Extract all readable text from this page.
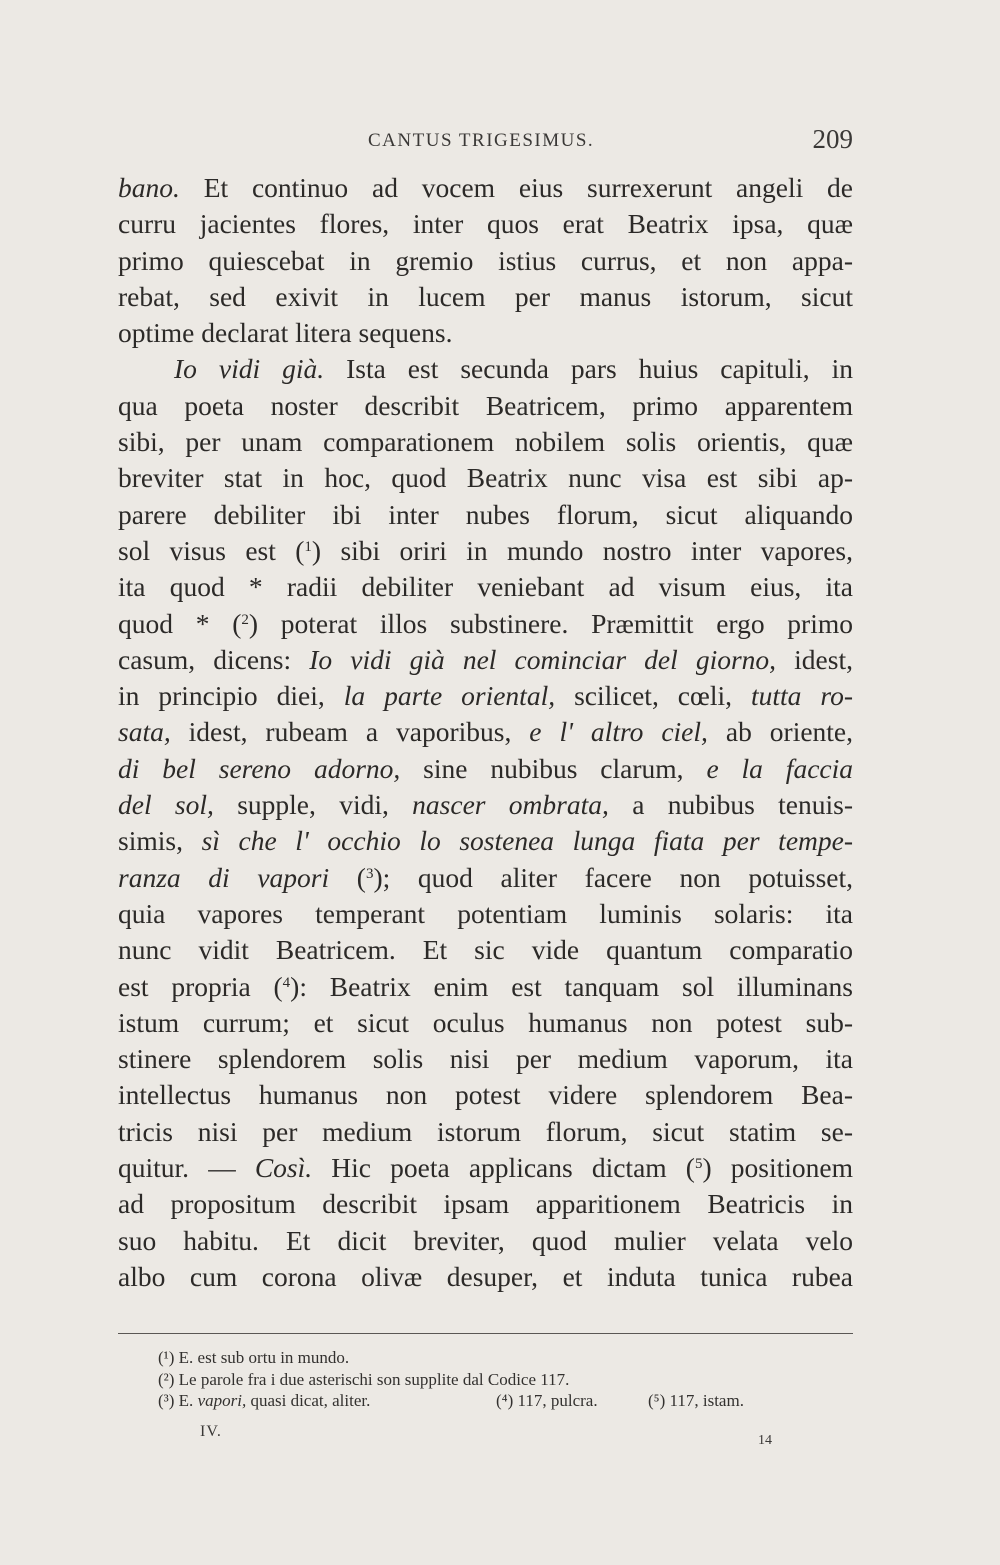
CANTUS TRIGESIMUS.	209
bano. Et continuo ad vocem eius surrexerunt angeli de
curru jacientes flores, inter quos erat Beatrix ipsa, quæ
primo quiescebat in gremio istius currus, et non appa-
rebat, sed exivit in lucem per manus istorum, sicut
optime declarat litera sequens.
Io vidi già. Ista est secunda pars huius capituli, in
qua poeta noster describit Beatricem, primo apparentem
sibi, per unam comparationem nobilem solis orientis, quæ
breviter stat in hoc, quod Beatrix nunc visa est sibi ap-
parere debiliter ibi inter nubes florum, sicut aliquando
sol visus est ($^1$) sibi oriri in mundo nostro inter vapores,
ita quod * radii debiliter veniebant ad visum eius, ita
quod * ($^2$) poterat illos substinere. Præmittit ergo primo
casum, dicens: Io vidi già nel cominciar del giorno, idest,
in principio diei, la parte oriental, scilicet, cœli, tutta ro-
sata, idest, rubeam a vaporibus, e l' altro ciel, ab oriente,
di bel sereno adorno, sine nubibus clarum, e la faccia
del sol, supple, vidi, nascer ombrata, a nubibus tenuis-
simis, sì che l' occhio lo sostenea lunga fiata per tempe-
ranza di vapori ($^3$); quod aliter facere non potuisset,
quia vapores temperant potentiam luminis solaris: ita
nunc vidit Beatricem. Et sic vide quantum comparatio
est propria ($^4$): Beatrix enim est tanquam sol illuminans
istum currum; et sicut oculus humanus non potest sub-
stinere splendorem solis nisi per medium vaporum, ita
intellectus humanus non potest videre splendorem Bea-
tricis nisi per medium istorum florum, sicut statim se-
quitur. — Così. Hic poeta applicans dictam ($^5$) positionem
ad propositum describit ipsam apparitionem Beatricis in
suo habitu. Et dicit breviter, quod mulier velata velo
albo cum corona olivæ desuper, et induta tunica rubea
(¹) E. est sub ortu in mundo.
(²) Le parole fra i due asterischi son supplite dal Codice 117.
(³) E. vapori, quasi dicat, aliter.	(⁴) 117, pulcra.	(⁵) 117, istam.
IV.
14
